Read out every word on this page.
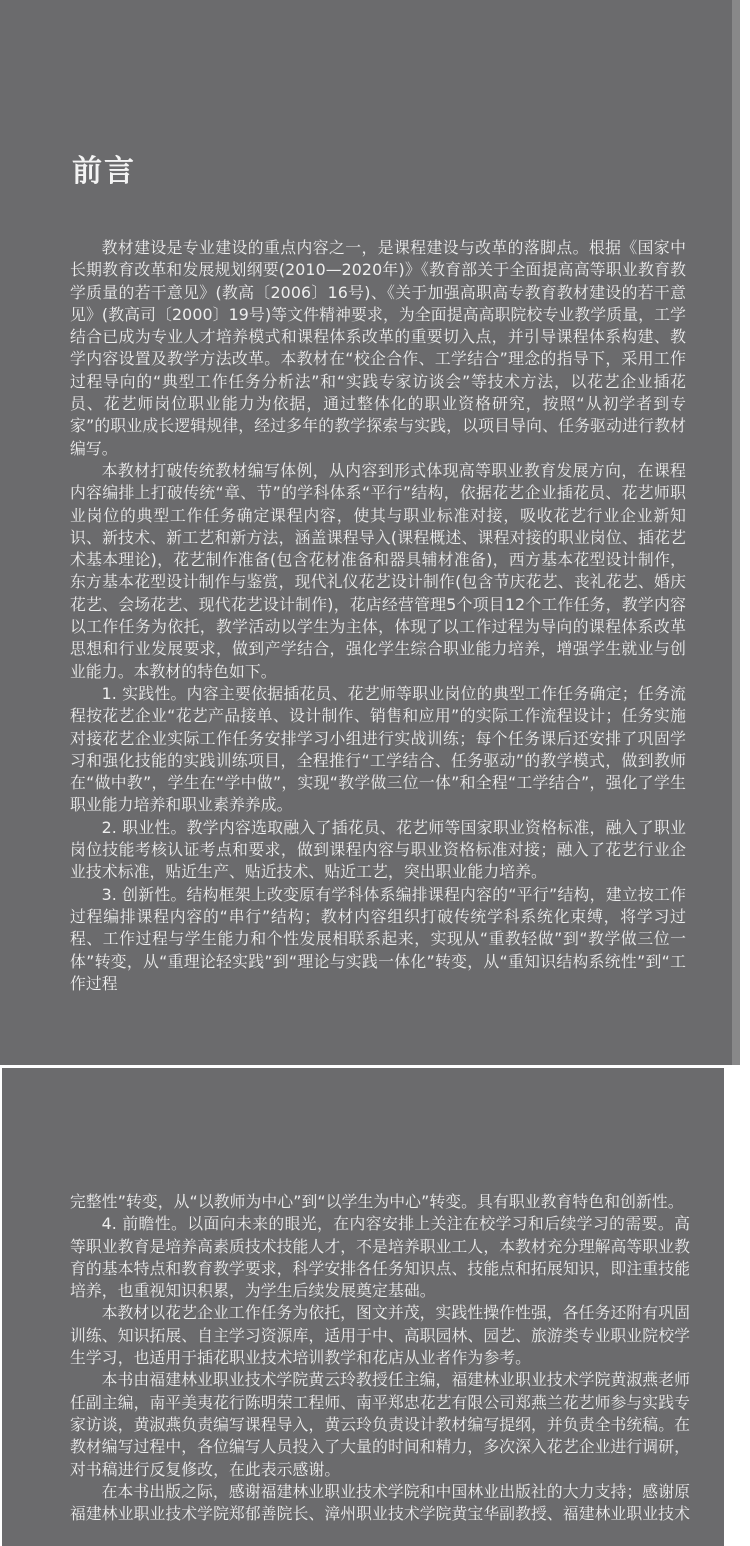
前言

教材建设是专业建设的重点内容之一，是课程建设与改革的落脚点。根据《国家中长期教育改革和发展规划纲要(2010—2020年)》《教育部关于全面提高高等职业教育教学质量的若干意见》(教高〔2006〕16号)、《关于加强高职高专教育教材建设的若干意见》(教高司〔2000〕19号)等文件精神要求，为全面提高高职院校专业教学质量，工学结合已成为专业人才培养模式和课程体系改革的重要切入点，并引导课程体系构建、教学内容设置及教学方法改革。本教材在“校企合作、工学结合”理念的指导下，采用工作过程导向的“典型工作任务分析法”和“实践专家访谈会”等技术方法，以花艺企业插花员、花艺师岗位职业能力为依据，通过整体化的职业资格研究，按照“从初学者到专家”的职业成长逻辑规律，经过多年的教学探索与实践，以项目导向、任务驱动进行教材编写。

本教材打破传统教材编写体例，从内容到形式体现高等职业教育发展方向，在课程内容编排上打破传统“章、节”的学科体系“平行”结构，依据花艺企业插花员、花艺师职业岗位的典型工作任务确定课程内容，使其与职业标准对接，吸收花艺行业企业新知识、新技术、新工艺和新方法，涵盖课程导入(课程概述、课程对接的职业岗位、插花艺术基本理论)，花艺制作准备(包含花材准备和器具辅材准备)，西方基本花型设计制作，东方基本花型设计制作与鉴赏，现代礼仪花艺设计制作(包含节庆花艺、丧礼花艺、婚庆花艺、会场花艺、现代花艺设计制作)，花店经营管理5个项目12个工作任务，教学内容以工作任务为依托，教学活动以学生为主体，体现了以工作过程为导向的课程体系改革思想和行业发展要求，做到产学结合，强化学生综合职业能力培养，增强学生就业与创业能力。本教材的特色如下。

1. 实践性。内容主要依据插花员、花艺师等职业岗位的典型工作任务确定；任务流程按花艺企业“花艺产品接单、设计制作、销售和应用”的实际工作流程设计；任务实施对接花艺企业实际工作任务安排学习小组进行实战训练；每个任务课后还安排了巩固学习和强化技能的实践训练项目，全程推行“工学结合、任务驱动”的教学模式，做到教师在“做中教”，学生在“学中做”，实现“教学做三位一体”和全程“工学结合”，强化了学生职业能力培养和职业素养养成。

2. 职业性。教学内容选取融入了插花员、花艺师等国家职业资格标准，融入了职业岗位技能考核认证考点和要求，做到课程内容与职业资格标准对接；融入了花艺行业企业技术标准，贴近生产、贴近技术、贴近工艺，突出职业能力培养。

3. 创新性。结构框架上改变原有学科体系编排课程内容的“平行”结构，建立按工作过程编排课程内容的“串行”结构；教材内容组织打破传统学科系统化束缚，将学习过程、工作过程与学生能力和个性发展相联系起来，实现从“重教轻做”到“教学做三位一体”转变，从“重理论轻实践”到“理论与实践一体化”转变，从“重知识结构系统性”到“工作过程

完整性”转变，从“以教师为中心”到“以学生为中心”转变。具有职业教育特色和创新性。

4. 前瞻性。以面向未来的眼光，在内容安排上关注在校学习和后续学习的需要。高等职业教育是培养高素质技术技能人才，不是培养职业工人，本教材充分理解高等职业教育的基本特点和教育教学要求，科学安排各任务知识点、技能点和拓展知识，即注重技能培养，也重视知识积累，为学生后续发展奠定基础。

本教材以花艺企业工作任务为依托，图文并茂，实践性操作性强，各任务还附有巩固训练、知识拓展、自主学习资源库，适用于中、高职园林、园艺、旅游类专业职业院校学生学习，也适用于插花职业技术培训教学和花店从业者作为参考。

本书由福建林业职业技术学院黄云玲教授任主编，福建林业职业技术学院黄淑燕老师任副主编，南平美夷花行陈明荣工程师、南平郑忠花艺有限公司郑燕兰花艺师参与实践专家访谈，黄淑燕负责编写课程导入，黄云玲负责设计教材编写提纲，并负责全书统稿。在教材编写过程中，各位编写人员投入了大量的时间和精力，多次深入花艺企业进行调研，对书稿进行反复修改，在此表示感谢。

在本书出版之际，感谢福建林业职业技术学院和中国林业出版社的大力支持；感谢原福建林业职业技术学院郑郁善院长、漳州职业技术学院黄宝华副教授、福建林业职业技术
